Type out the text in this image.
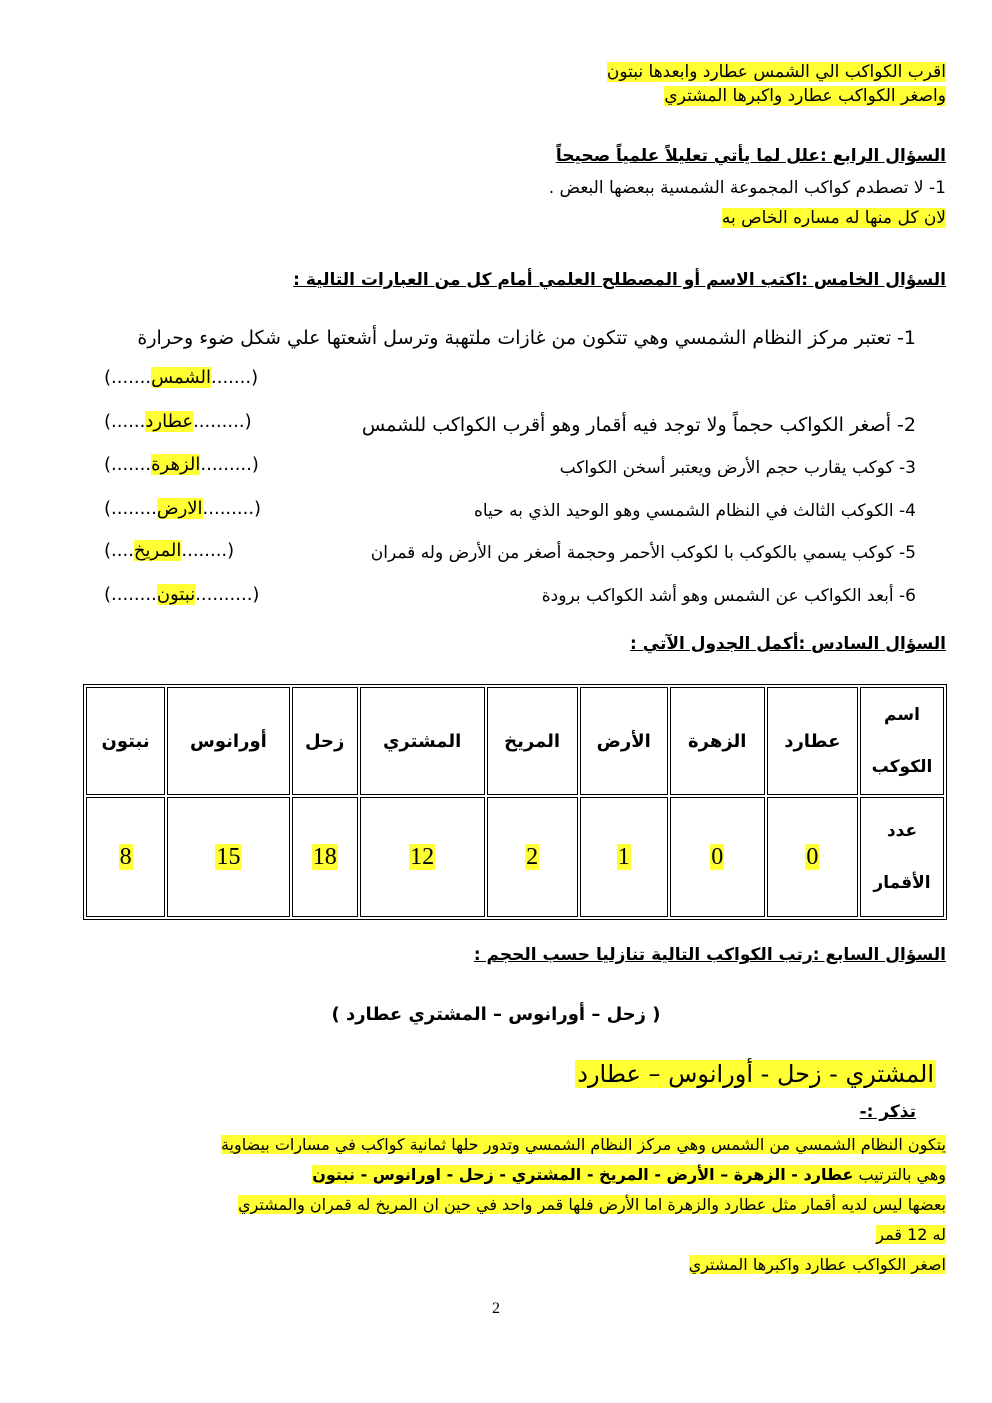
اقرب الكواكب الي الشمس عطارد وابعدها نبتون
واصغر الكواكب عطارد واكبرها المشتري
السؤال الرابع :علل لما يأتي تعليلاً علمياً صحيحاً
1- لا تصطدم كواكب المجموعة الشمسية ببعضها البعض .
لان كل منها له مساره الخاص به
السؤال الخامس :اكتب الاسم أو المصطلح العلمي أمام كل من العبارات التالية :
1- تعتبر مركز النظام الشمسي وهي تتكون من غازات ملتهبة وترسل أشعتها علي شكل ضوء وحرارة
(.......الشمس.......)
2- أصغر الكواكب حجماً ولا توجد فيه أقمار وهو أقرب الكواكب للشمس
(......عطارد.........)
3- كوكب يقارب حجم الأرض ويعتبر أسخن الكواكب
(.......الزهرة.........)
4- الكوكب الثالث في النظام الشمسي وهو الوحيد الذي به حياه
(........الارض.........)
5- كوكب يسمي بالكوكب با لكوكب الأحمر وحجمة أصغر من الأرض وله قمران
(....المريخ........)
6- أبعد الكواكب عن الشمس وهو أشد الكواكب برودة
(........نبتون..........)
السؤال السادس :أكمل الجدول الآتي :
اسم
الكوكب	عطارد	الزهرة	الأرض	المريخ	المشتري	زحل	أورانوس	نبتون
عدد
الأقمار	0	0	1	2	12	18	15	8
السؤال السابع :رتب الكواكب التالية تنازليا حسب الحجم :
( زحل – أورانوس – المشتري عطارد )
المشتري - زحل - أورانوس – عطارد
تذكر :-
يتكون النظام الشمسي من الشمس وهي مركز النظام الشمسي وتدور حلها ثمانية كواكب في مسارات بيضاوية
وهي بالترتيب عطارد - الزهرة – الأرض - المريخ - المشتري - زحل - اورانوس - نبتون
بعضها ليس لديه أقمار مثل عطارد والزهرة اما الأرض فلها قمر واحد في حين ان المريخ له قمران والمشتري
له 12 قمر
اصغر الكواكب عطارد واكبرها المشتري
2
